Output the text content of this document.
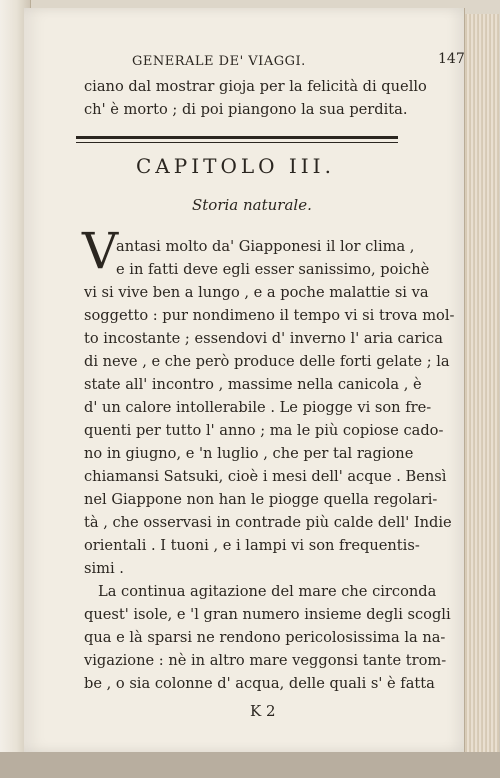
GENERALE DE' VIAGGI.	147
ciano dal mostrar gioja per la felicità di quello
ch' è morto ; di poi piangono la sua perdita.
CAPITOLO III.
Storia naturale.
V
antasi molto da' Giapponesi il lor clima ,
e in fatti deve egli esser sanissimo, poichè
vi si vive ben a lungo , e a poche malattie si va
soggetto : pur nondimeno il tempo vi si trova mol-
to incostante ; essendovi d' inverno l' aria carica
di neve , e che però produce delle forti gelate ; la
state all' incontro , massime nella canicola , è
d' un calore intollerabile . Le piogge vi son fre-
quenti per tutto l' anno ; ma le più copiose cado-
no in giugno, e 'n luglio , che per tal ragione
chiamansi Satsuki, cioè i mesi dell' acque . Bensì
nel Giappone non han le piogge quella regolari-
tà , che osservasi in contrade più calde dell' Indie
orientali . I tuoni , e i lampi vi son frequentis-
simi .
La continua agitazione del mare che circonda
quest' isole, e 'l gran numero insieme degli scogli
qua e là sparsi ne rendono pericolosissima la na-
vigazione : nè in altro mare veggonsi tante trom-
be , o sia colonne d' acqua, delle quali s' è fatta
K 2
